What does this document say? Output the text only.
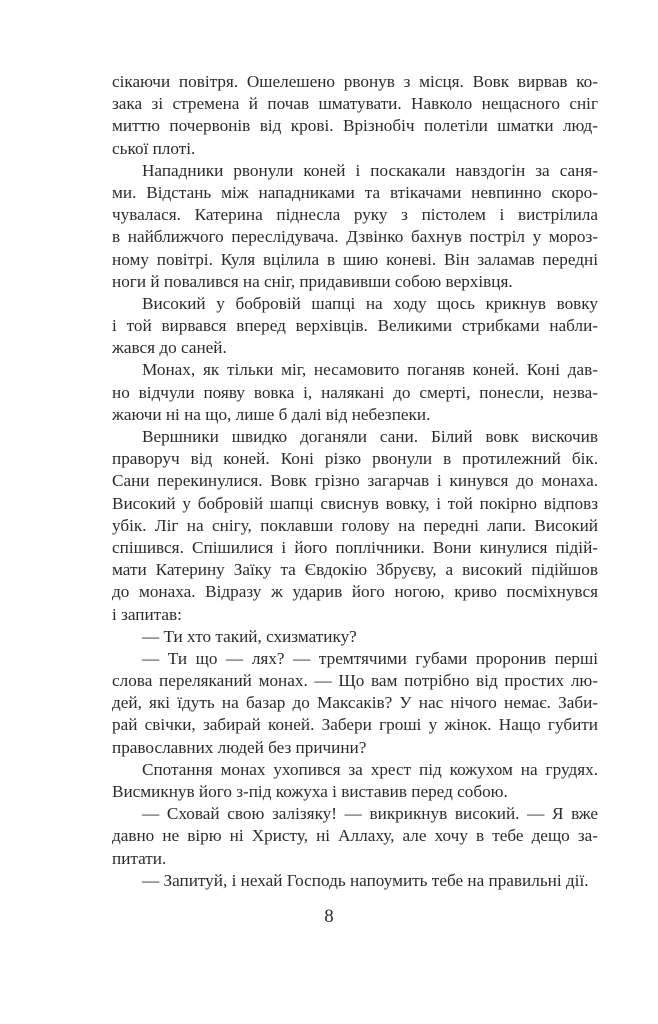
сікаючи повітря. Ошелешено рвонув з місця. Вовк вирвав ко-
зака зі стремена й почав шматувати. Навколо нещасного сніг
миттю почервонів від крові. Врізнобіч полетіли шматки люд-
ської плоті.
Нападники рвонули коней і поскакали навздогін за саня-
ми. Відстань між нападниками та втікачами невпинно скоро-
чувалася. Катерина піднесла руку з пістолем і вистрілила
в найближчого переслідувача. Дзвінко бахнув постріл у мороз-
ному повітрі. Куля вцілила в шию коневі. Він заламав передні
ноги й повалився на сніг, придавивши собою верхівця.
Високий у бобровій шапці на ходу щось крикнув вовку
і той вирвався вперед верхівців. Великими стрибками набли-
жався до саней.
Монах, як тільки міг, несамовито поганяв коней. Коні дав-
но відчули появу вовка і, налякані до смерті, понесли, незва-
жаючи ні на що, лише б далі від небезпеки.
Вершники швидко доганяли сани. Білий вовк вискочив
праворуч від коней. Коні різко рвонули в протилежний бік.
Сани перекинулися. Вовк грізно загарчав і кинувся до монаха.
Високий у бобровій шапці свиснув вовку, і той покірно відповз
убік. Ліг на снігу, поклавши голову на передні лапи. Високий
спішився. Спішилися і його поплічники. Вони кинулися підій-
мати Катерину Заїку та Євдокію Збруєву, а високий підійшов
до монаха. Відразу ж ударив його ногою, криво посміхнувся
і запитав:
— Ти хто такий, схизматику?
— Ти що — лях? — тремтячими губами проронив перші
слова переляканий монах. — Що вам потрібно від простих лю-
дей, які їдуть на базар до Максаків? У нас нічого немає. Заби-
рай свічки, забирай коней. Забери гроші у жінок. Нащо губити
православних людей без причини?
Спотання монах ухопився за хрест під кожухом на грудях.
Висмикнув його з-під кожуха і виставив перед собою.
— Сховай свою залізяку! — викрикнув високий. — Я вже
давно не вірю ні Христу, ні Аллаху, але хочу в тебе дещо за-
питати.
— Запитуй, і нехай Господь напоумить тебе на правильні дії.
8
